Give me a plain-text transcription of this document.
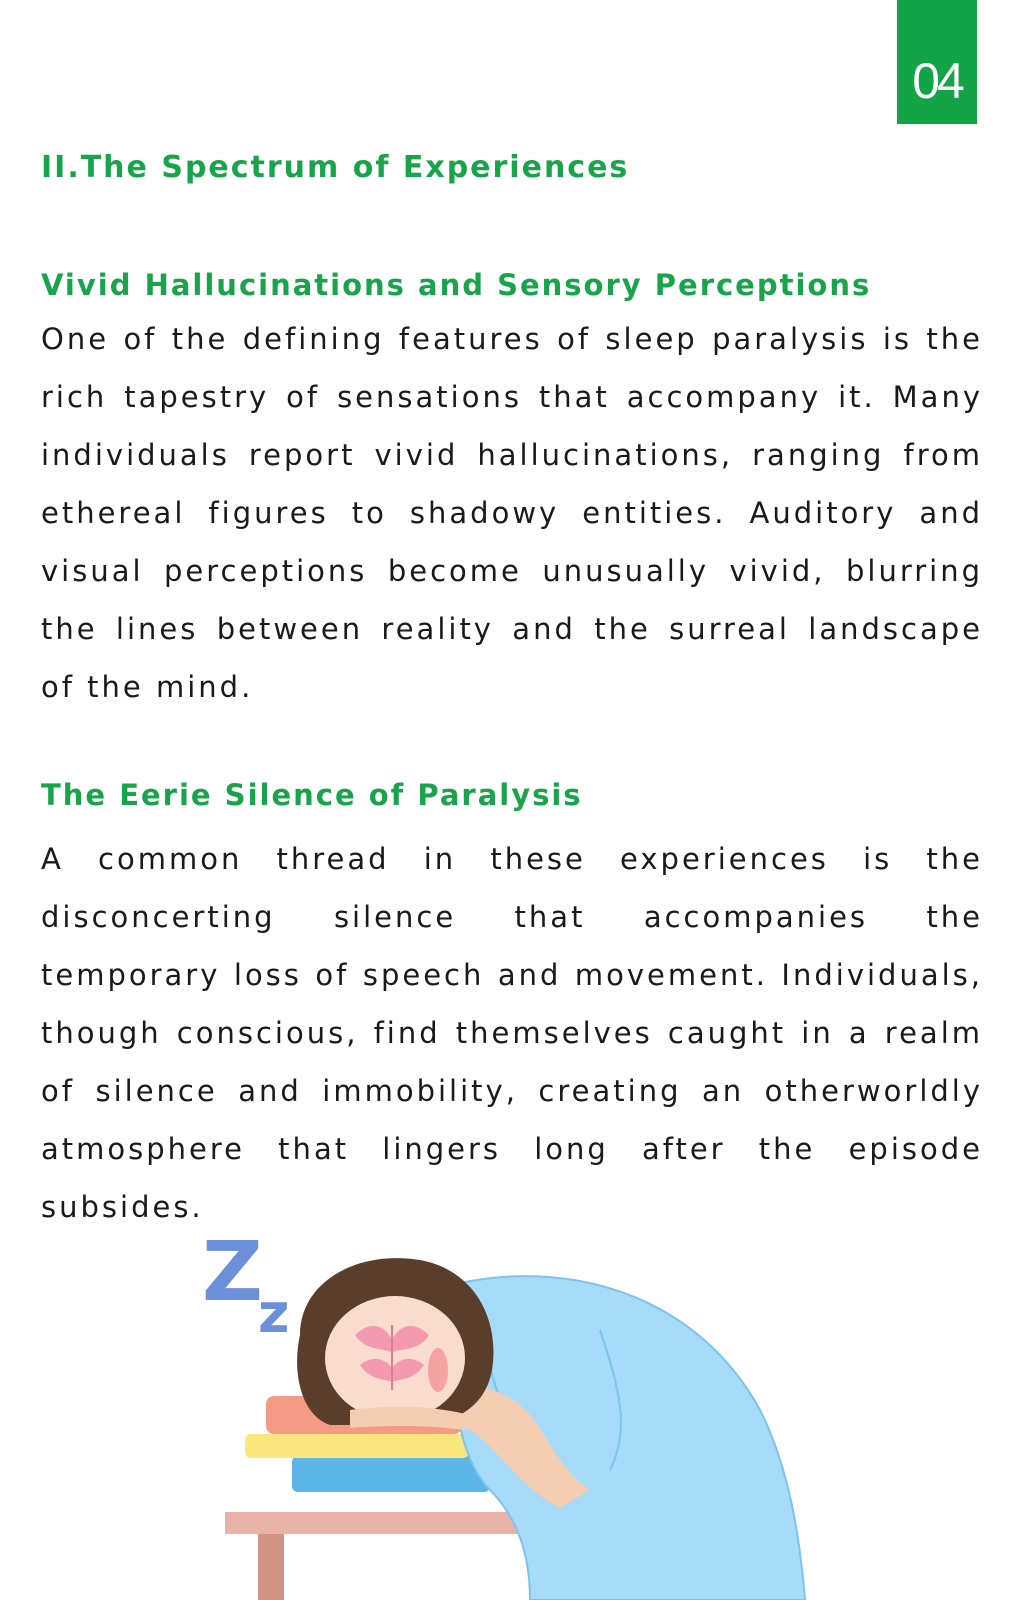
04
II.The Spectrum of Experiences
Vivid Hallucinations and Sensory Perceptions

One of the defining features of sleep paralysis is the rich tapestry of sensations that accompany it. Many individuals report vivid hallucinations, ranging from ethereal figures to shadowy entities. Auditory and visual perceptions become unusually vivid, blurring the lines between reality and the surreal landscape of the mind.

The Eerie Silence of Paralysis

A common thread in these experiences is the disconcerting silence that accompanies the temporary loss of speech and movement. Individuals, though conscious, find themselves caught in a realm of silence and immobility, creating an otherworldly atmosphere that lingers long after the episode subsides.

Z
z
